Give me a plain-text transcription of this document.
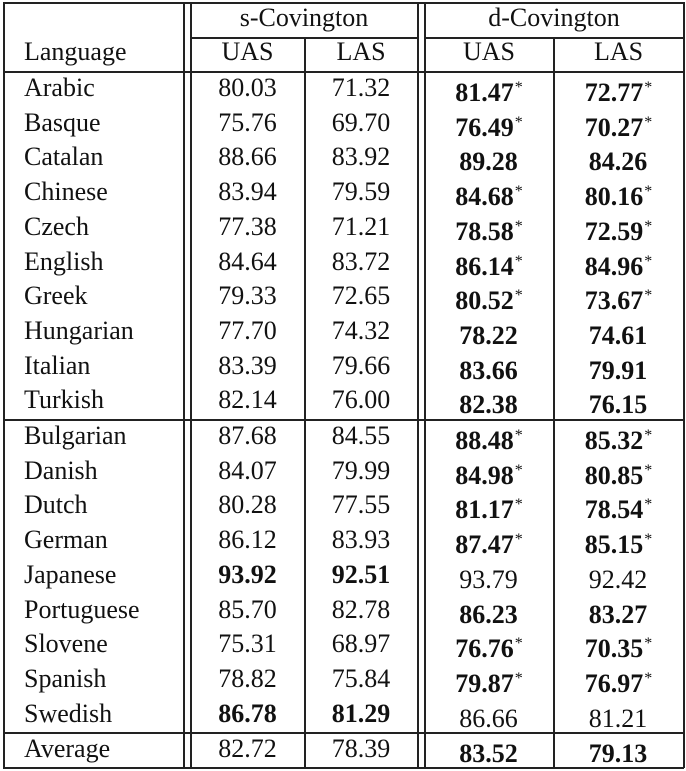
s-Covington	d-Covington
Language	UAS	LAS	UAS	LAS
Arabic	80.03	71.32	81.47*	72.77*
Basque	75.76	69.70	76.49*	70.27*
Catalan	88.66	83.92	89.28	84.26
Chinese	83.94	79.59	84.68*	80.16*
Czech	77.38	71.21	78.58*	72.59*
English	84.64	83.72	86.14*	84.96*
Greek	79.33	72.65	80.52*	73.67*
Hungarian	77.70	74.32	78.22	74.61
Italian	83.39	79.66	83.66	79.91
Turkish	82.14	76.00	82.38	76.15
Bulgarian	87.68	84.55	88.48*	85.32*
Danish	84.07	79.99	84.98*	80.85*
Dutch	80.28	77.55	81.17*	78.54*
German	86.12	83.93	87.47*	85.15*
Japanese	93.92	92.51	93.79	92.42
Portuguese	85.70	82.78	86.23	83.27
Slovene	75.31	68.97	76.76*	70.35*
Spanish	78.82	75.84	79.87*	76.97*
Swedish	86.78	81.29	86.66	81.21
Average	82.72	78.39	83.52	79.13
